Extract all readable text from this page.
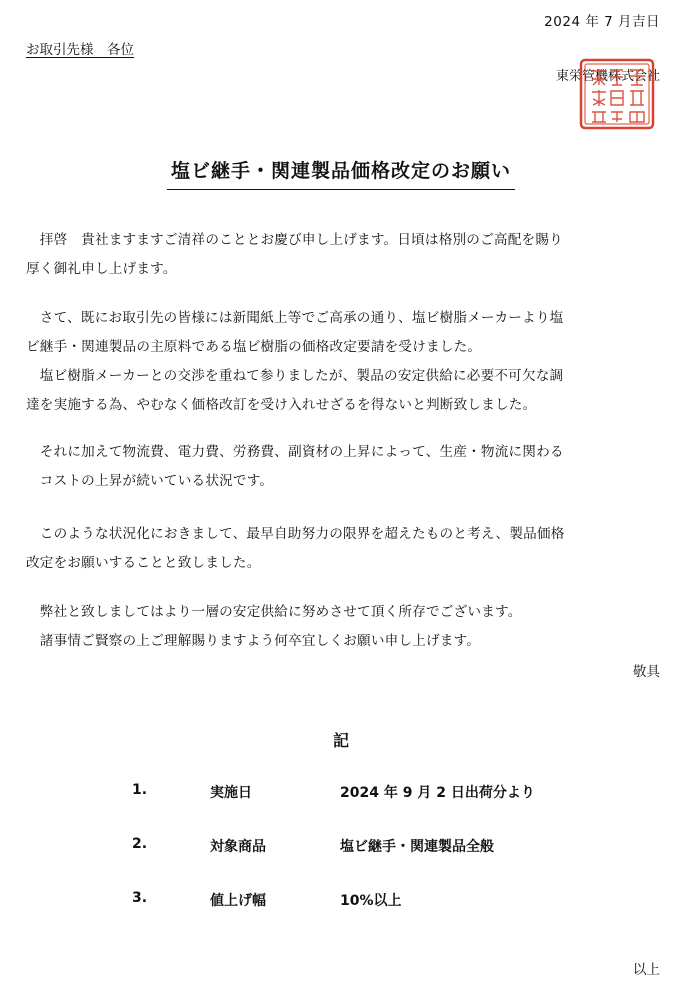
2024 年 7 月吉日
お取引先様　各位
東栄管機株式会社
塩ビ継手・関連製品価格改定のお願い

　拝啓　貴社ますますご清祥のこととお慶び申し上げます。日頃は格別のご高配を賜り

厚く御礼申し上げます。

　さて、既にお取引先の皆様には新聞紙上等でご高承の通り、塩ビ樹脂メーカーより塩

ビ継手・関連製品の主原料である塩ビ樹脂の価格改定要請を受けました。

　塩ビ樹脂メーカーとの交渉を重ねて参りましたが、製品の安定供給に必要不可欠な調

達を実施する為、やむなく価格改訂を受け入れせざるを得ないと判断致しました。

　それに加えて物流費、電力費、労務費、副資材の上昇によって、生産・物流に関わる

　コストの上昇が続いている状況です。

　このような状況化におきまして、最早自助努力の限界を超えたものと考え、製品価格

改定をお願いすることと致しました。

　弊社と致しましてはより一層の安定供給に努めさせて頂く所存でございます。

　諸事情ご賢察の上ご理解賜りますよう何卒宜しくお願い申し上げます。

敬具
記
1.	実施日	2024 年 9 月 2 日出荷分より
2.	対象商品	塩ビ継手・関連製品全般
3.	値上げ幅	10%以上
以上
